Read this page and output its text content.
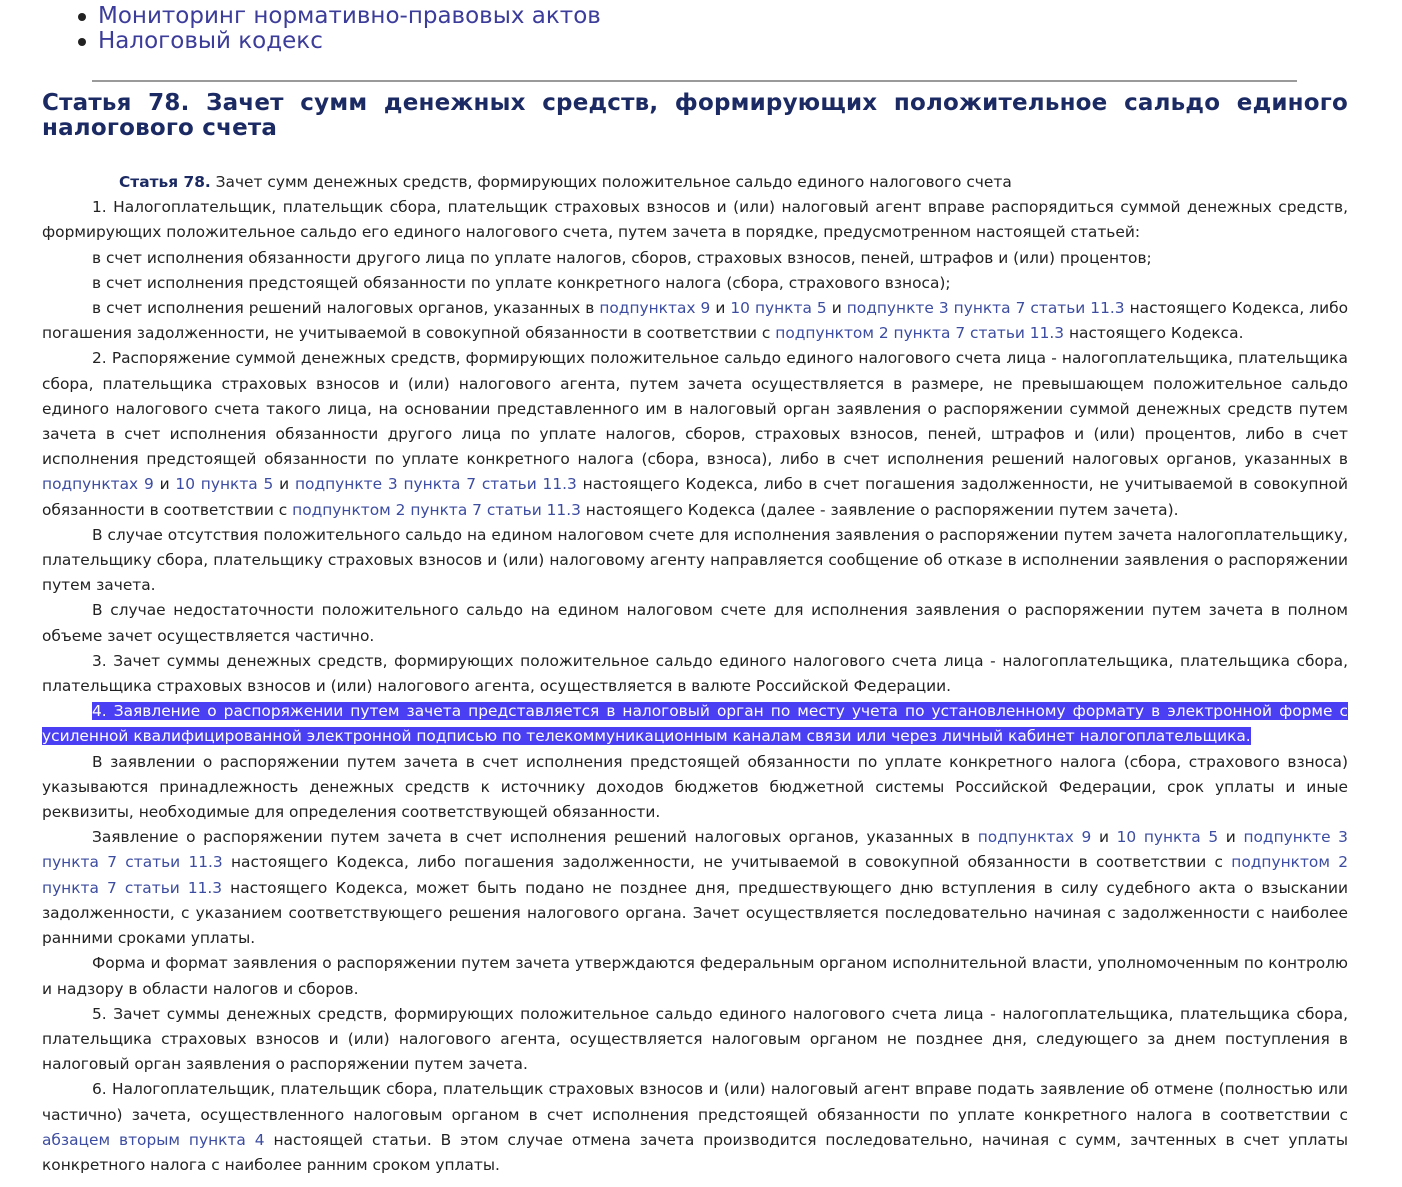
Мониторинг нормативно-правовых актов
Налоговый кодекс
Статья 78. Зачет сумм денежных средств, формирующих положительное сальдо единого налогового счета

Статья 78. Зачет сумм денежных средств, формирующих положительное сальдо единого налогового счета

1. Налогоплательщик, плательщик сбора, плательщик страховых взносов и (или) налоговый агент вправе распорядиться суммой денежных средств, формирующих положительное сальдо его единого налогового счета, путем зачета в порядке, предусмотренном настоящей статьей:

в счет исполнения обязанности другого лица по уплате налогов, сборов, страховых взносов, пеней, штрафов и (или) процентов;

в счет исполнения предстоящей обязанности по уплате конкретного налога (сбора, страхового взноса);

в счет исполнения решений налоговых органов, указанных в подпунктах 9 и 10 пункта 5 и подпункте 3 пункта 7 статьи 11.3 настоящего Кодекса, либо погашения задолженности, не учитываемой в совокупной обязанности в соответствии с подпунктом 2 пункта 7 статьи 11.3 настоящего Кодекса.

2. Распоряжение суммой денежных средств, формирующих положительное сальдо единого налогового счета лица - налогоплательщика, плательщика сбора, плательщика страховых взносов и (или) налогового агента, путем зачета осуществляется в размере, не превышающем положительное сальдо единого налогового счета такого лица, на основании представленного им в налоговый орган заявления о распоряжении суммой денежных средств путем зачета в счет исполнения обязанности другого лица по уплате налогов, сборов, страховых взносов, пеней, штрафов и (или) процентов, либо в счет исполнения предстоящей обязанности по уплате конкретного налога (сбора, взноса), либо в счет исполнения решений налоговых органов, указанных в подпунктах 9 и 10 пункта 5 и подпункте 3 пункта 7 статьи 11.3 настоящего Кодекса, либо в счет погашения задолженности, не учитываемой в совокупной обязанности в соответствии с подпунктом 2 пункта 7 статьи 11.3 настоящего Кодекса (далее - заявление о распоряжении путем зачета).

В случае отсутствия положительного сальдо на едином налоговом счете для исполнения заявления о распоряжении путем зачета налогоплательщику, плательщику сбора, плательщику страховых взносов и (или) налоговому агенту направляется сообщение об отказе в исполнении заявления о распоряжении путем зачета.

В случае недостаточности положительного сальдо на едином налоговом счете для исполнения заявления о распоряжении путем зачета в полном объеме зачет осуществляется частично.

3. Зачет суммы денежных средств, формирующих положительное сальдо единого налогового счета лица - налогоплательщика, плательщика сбора, плательщика страховых взносов и (или) налогового агента, осуществляется в валюте Российской Федерации.

4. Заявление о распоряжении путем зачета представляется в налоговый орган по месту учета по установленному формату в электронной форме с усиленной квалифицированной электронной подписью по телекоммуникационным каналам связи или через личный кабинет налогоплательщика.

В заявлении о распоряжении путем зачета в счет исполнения предстоящей обязанности по уплате конкретного налога (сбора, страхового взноса) указываются принадлежность денежных средств к источнику доходов бюджетов бюджетной системы Российской Федерации, срок уплаты и иные реквизиты, необходимые для определения соответствующей обязанности.

Заявление о распоряжении путем зачета в счет исполнения решений налоговых органов, указанных в подпунктах 9 и 10 пункта 5 и подпункте 3 пункта 7 статьи 11.3 настоящего Кодекса, либо погашения задолженности, не учитываемой в совокупной обязанности в соответствии с подпунктом 2 пункта 7 статьи 11.3 настоящего Кодекса, может быть подано не позднее дня, предшествующего дню вступления в силу судебного акта о взыскании задолженности, с указанием соответствующего решения налогового органа. Зачет осуществляется последовательно начиная с задолженности с наиболее ранними сроками уплаты.

Форма и формат заявления о распоряжении путем зачета утверждаются федеральным органом исполнительной власти, уполномоченным по контролю и надзору в области налогов и сборов.

5. Зачет суммы денежных средств, формирующих положительное сальдо единого налогового счета лица - налогоплательщика, плательщика сбора, плательщика страховых взносов и (или) налогового агента, осуществляется налоговым органом не позднее дня, следующего за днем поступления в налоговый орган заявления о распоряжении путем зачета.

6. Налогоплательщик, плательщик сбора, плательщик страховых взносов и (или) налоговый агент вправе подать заявление об отмене (полностью или частично) зачета, осуществленного налоговым органом в счет исполнения предстоящей обязанности по уплате конкретного налога в соответствии с абзацем вторым пункта 4 настоящей статьи. В этом случае отмена зачета производится последовательно, начиная с сумм, зачтенных в счет уплаты конкретного налога с наиболее ранним сроком уплаты.
